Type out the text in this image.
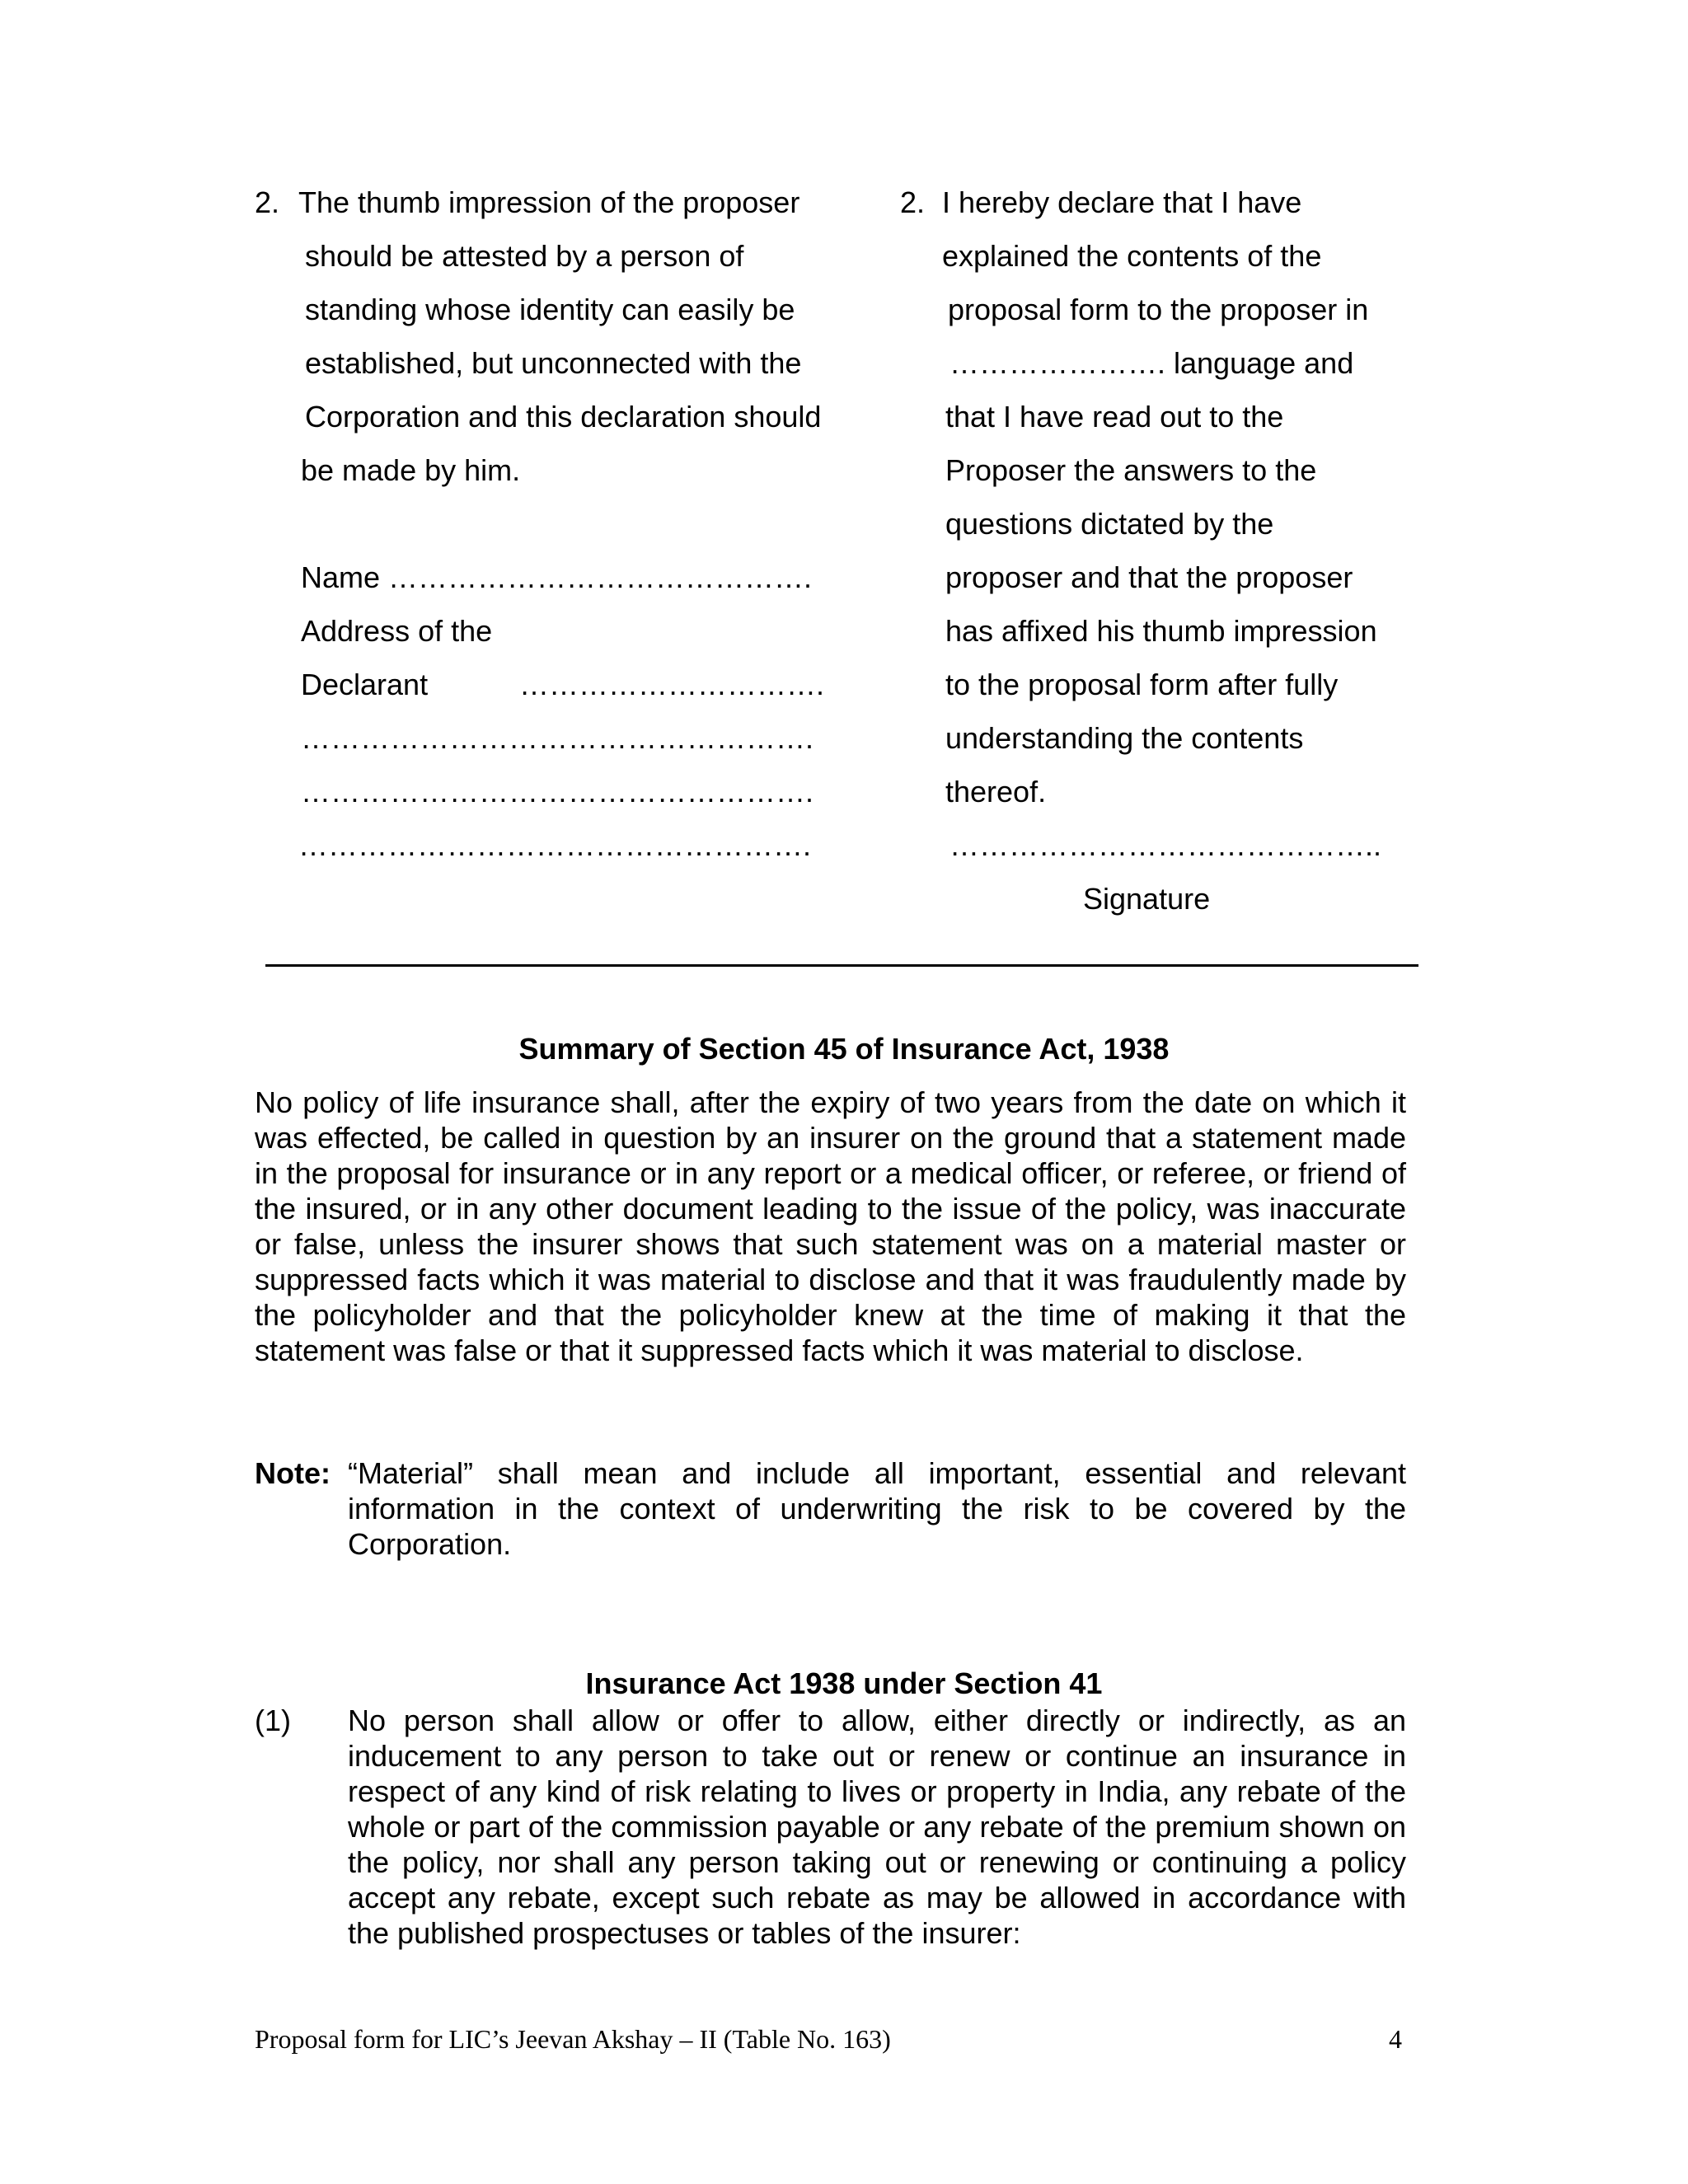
2. The thumb impression of the proposer
should be attested by a person of
standing whose identity can easily be
established, but unconnected with the
Corporation and this declaration should
be made by him.
Name …………………………………….
Address of the
Declarant	………………………….
…………………………………………….
…………………………………………….
…………………………………………….
2. I hereby declare that I have
explained the contents of the
proposal form to the proposer in
…………………. language and
that I have read out to the
Proposer the answers to the
questions dictated by the
proposer and that the proposer
has affixed his thumb impression
to the proposal form after fully
understanding the contents
thereof.
……………………………………..
Signature
Summary of Section 45 of Insurance Act, 1938
No policy of life insurance shall, after the expiry of two years from the date on which it was effected, be called in question by an insurer on the ground that a statement made in the proposal for insurance or in any report or a medical officer, or referee, or friend of the insured, or in any other document leading to the issue of the policy, was inaccurate or false, unless the insurer shows that such statement was on a material master or suppressed facts which it was material to disclose and that it was fraudulently made by the policyholder and that the policyholder knew at the time of making it that the statement was false or that it suppressed facts which it was material to disclose.
Note: “Material” shall mean and include all important, essential and relevant information in the context of underwriting the risk to be covered by the Corporation.
Insurance Act 1938 under Section 41
(1) No person shall allow or offer to allow, either directly or indirectly, as an inducement to any person to take out or renew or continue an insurance in respect of any kind of risk relating to lives or property in India, any rebate of the whole or part of the commission payable or any rebate of the premium shown on the policy, nor shall any person taking out or renewing or continuing a policy accept any rebate, except such rebate as may be allowed in accordance with the published prospectuses or tables of the insurer:
Proposal form for LIC’s Jeevan Akshay – II (Table No. 163)	4
